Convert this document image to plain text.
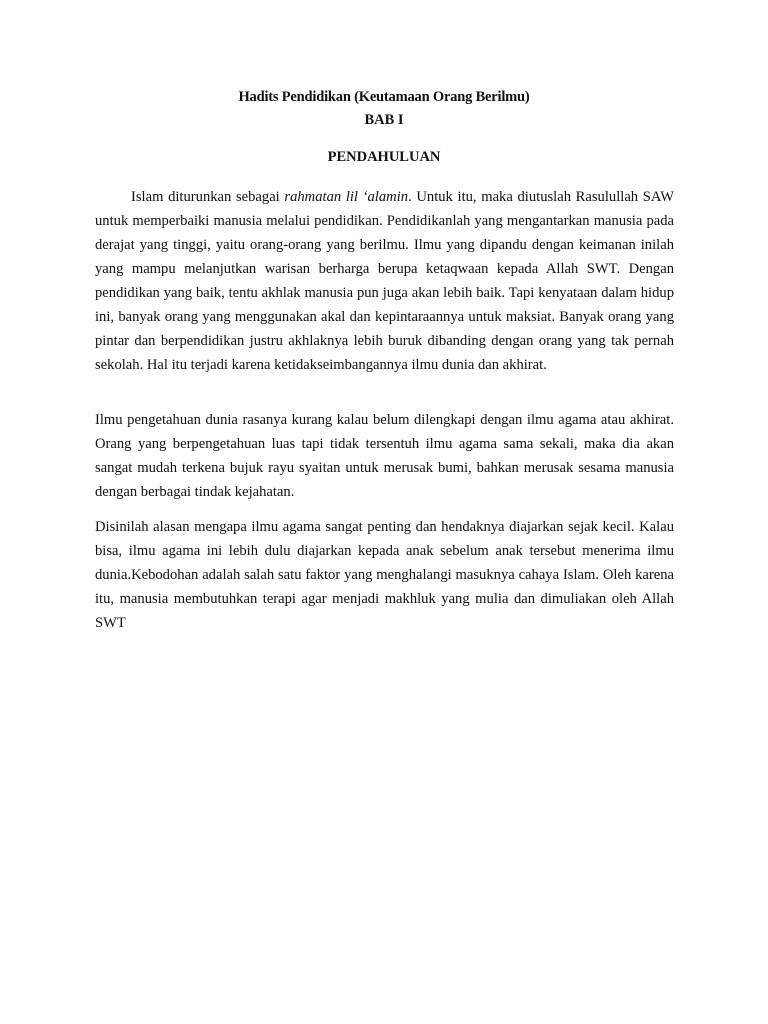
Hadits Pendidikan (Keutamaan Orang Berilmu)

BAB I

PENDAHULUAN

Islam diturunkan sebagai rahmatan lil ‘alamin. Untuk itu, maka diutuslah Rasulullah SAW untuk memperbaiki manusia melalui pendidikan. Pendidikanlah yang mengantarkan manusia pada derajat yang tinggi, yaitu orang-orang yang berilmu. Ilmu yang dipandu dengan keimanan inilah yang mampu melanjutkan warisan berharga berupa ketaqwaan kepada Allah SWT. Dengan pendidikan yang baik, tentu akhlak manusia pun juga akan lebih baik. Tapi kenyataan dalam hidup ini, banyak orang yang menggunakan akal dan kepintaraannya untuk maksiat. Banyak orang yang pintar dan berpendidikan justru akhlaknya lebih buruk dibanding dengan orang yang tak pernah sekolah. Hal itu terjadi karena ketidakseimbangannya ilmu dunia dan akhirat.

Ilmu pengetahuan dunia rasanya kurang kalau belum dilengkapi dengan ilmu agama atau akhirat. Orang yang berpengetahuan luas tapi tidak tersentuh ilmu agama sama sekali, maka dia akan sangat mudah terkena bujuk rayu syaitan untuk merusak bumi, bahkan merusak sesama manusia dengan berbagai tindak kejahatan.

Disinilah alasan mengapa ilmu agama sangat penting dan hendaknya diajarkan sejak kecil. Kalau bisa, ilmu agama ini lebih dulu diajarkan kepada anak sebelum anak tersebut menerima ilmu dunia.Kebodohan adalah salah satu faktor yang menghalangi masuknya cahaya Islam. Oleh karena itu, manusia membutuhkan terapi agar menjadi makhluk yang mulia dan dimuliakan oleh Allah SWT
